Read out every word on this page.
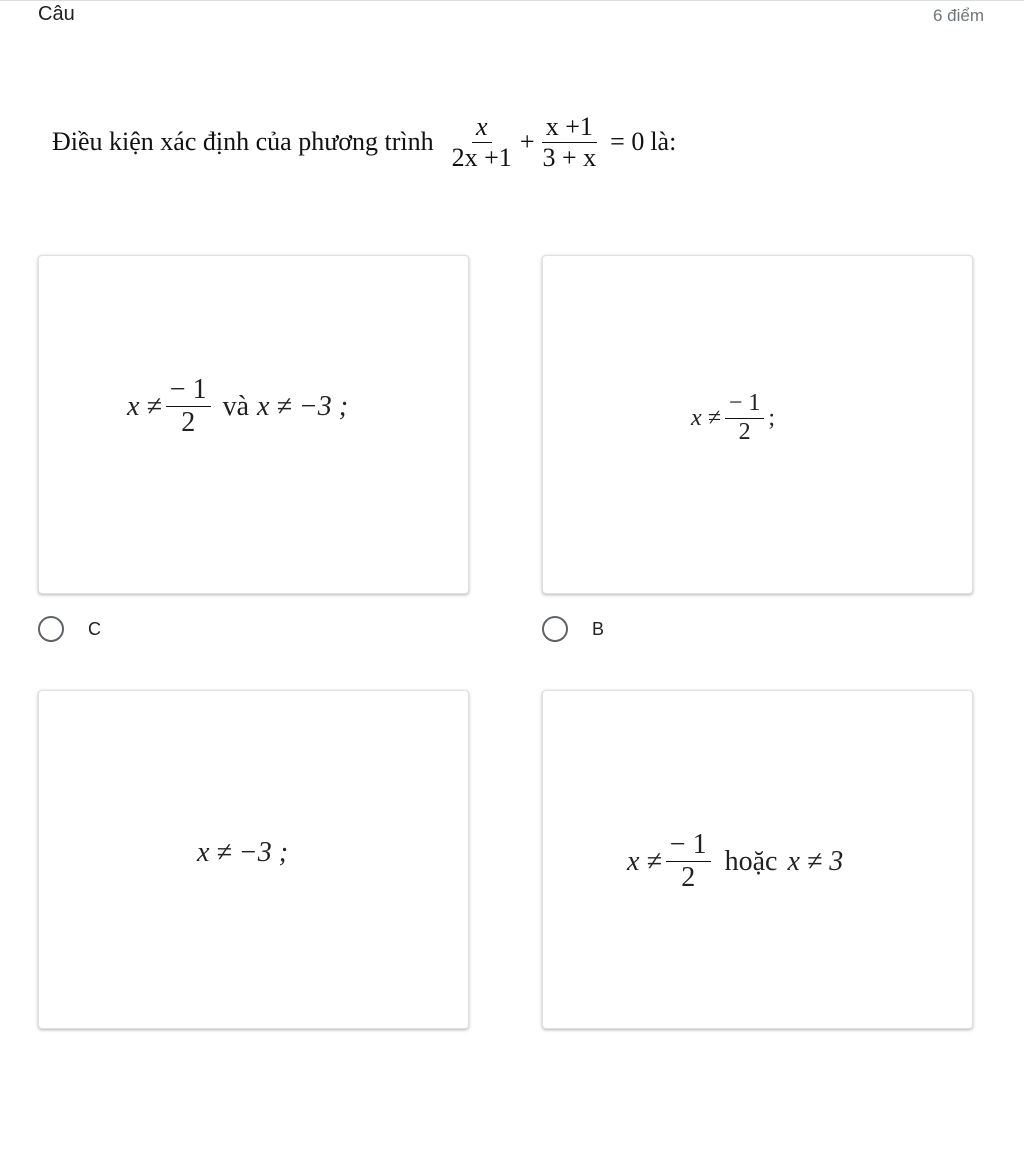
Câu	6 điểm
Điều kiện xác định của phương trình $\frac{x}{2x +1} + \frac{x +1}{3 + x} = 0$ là:
$x \ne \frac{- 1}{2}$ và x ≠ −3 ;
C
$x \ne \frac{- 1}{2}$ ;
B
x ≠ −3 ;	$x \ne \frac{- 1}{2}$ hoặc x ≠ 3
